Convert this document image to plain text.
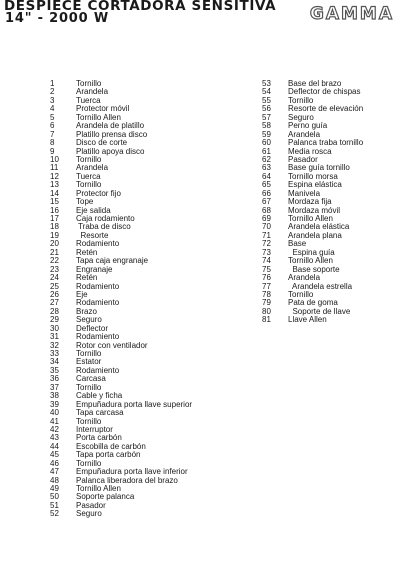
DESPIECE CORTADORA SENSITIVA
14" - 2000 W	GAMMA
1	Tornillo
2	Arandela
3	Tuerca
4	Protector móvil
5	Tornillo Allen
6	Arandela de platillo
7	Platillo prensa disco
8	Disco de corte
9	Platillo apoya disco
10	Tornillo
11	Arandela
12	Tuerca
13	Tornillo
14	Protector fijo
15	Tope
16	Eje salida
17	Caja rodamiento
18	Traba de disco
19	Resorte
20	Rodamiento
21	Retén
22	Tapa caja engranaje
23	Engranaje
24	Retén
25	Rodamiento
26	Eje
27	Rodamiento
28	Brazo
29	Seguro
30	Deflector
31	Rodamiento
32	Rotor con ventilador
33	Tornillo
34	Estator
35	Rodamiento
36	Carcasa
37	Tornillo
38	Cable y ficha
39	Empuñadura porta llave superior
40	Tapa carcasa
41	Tornillo
42	Interruptor
43	Porta carbón
44	Escobilla de carbón
45	Tapa porta carbón
46	Tornillo
47	Empuñadura porta llave inferior
48	Palanca liberadora del brazo
49	Tornillo Allen
50	Soporte palanca
51	Pasador
52	Seguro
53	Base del brazo
54	Deflector de chispas
55	Tornillo
56	Resorte de elevación
57	Seguro
58	Perno guía
59	Arandela
60	Palanca traba tornillo
61	Media rosca
62	Pasador
63	Base guía tornillo
64	Tornillo morsa
65	Espina elástica
66	Manivela
67	Mordaza fija
68	Mordaza móvil
69	Tornillo Allen
70	Arandela elástica
71	Arandela plana
72	Base
73	Espina guía
74	Tornillo Allen
75	Base soporte
76	Arandela
77	Arandela estrella
78	Tornillo
79	Pata de goma
80	Soporte de llave
81	Llave Allen
